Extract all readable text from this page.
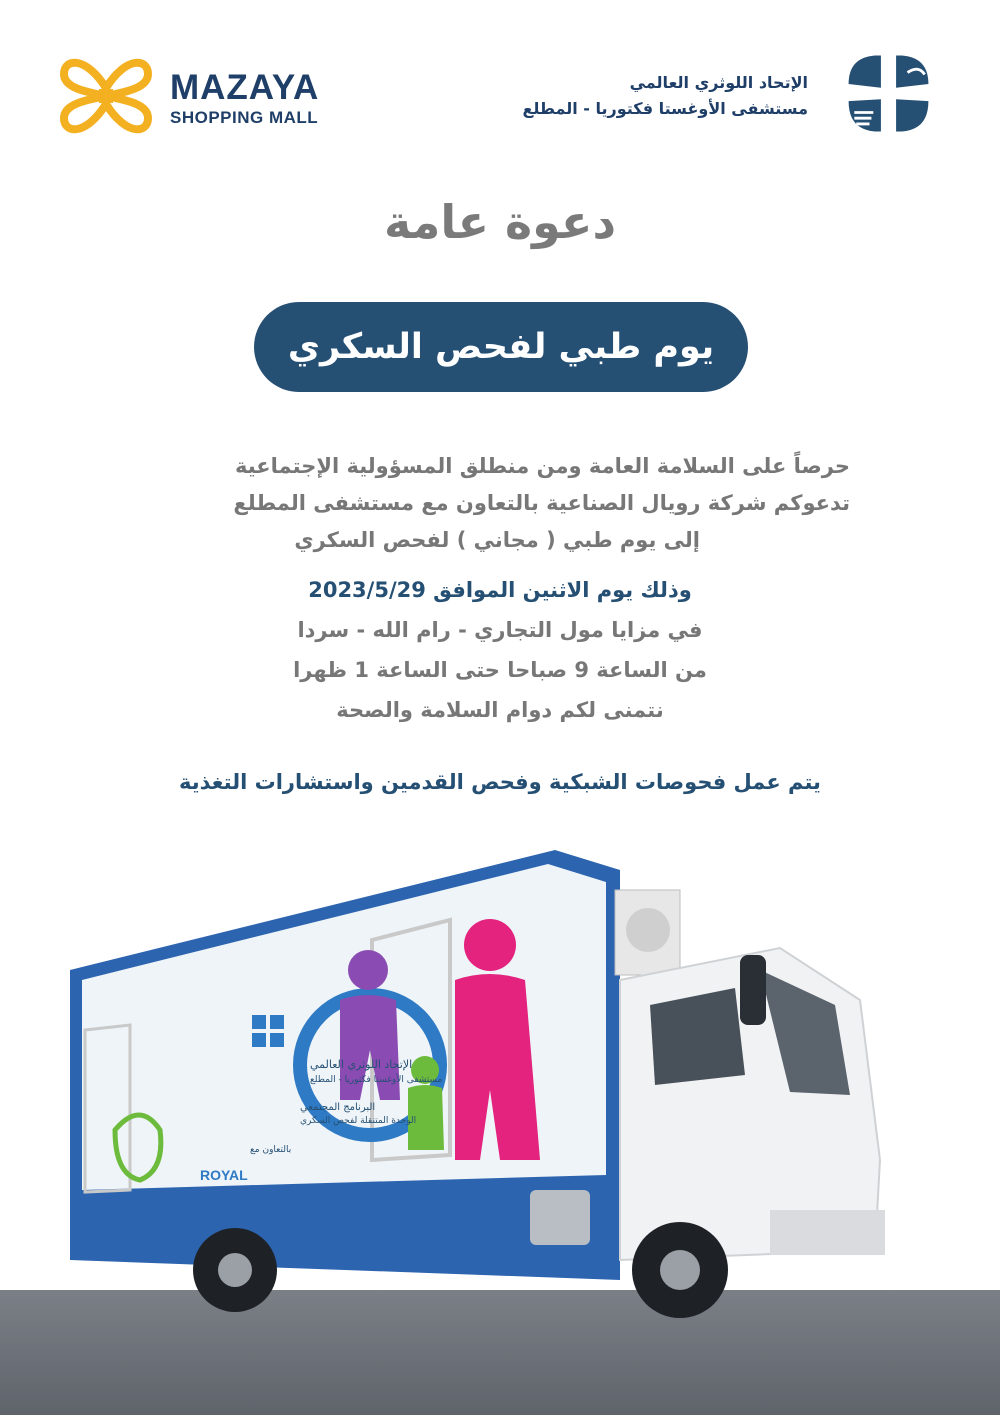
MAZAYA
SHOPPING MALL
الإتحاد اللوثري العالمي
مستشفى الأوغستا فكتوريا - المطلع
دعوة عامة
يوم طبي لفحص السكري
حرصاً على السلامة العامة ومن منطلق المسؤولية الإجتماعية
تدعوكم شركة رويال الصناعية بالتعاون مع مستشفى المطلع
إلى يوم طبي ( مجاني ) لفحص السكري
وذلك يوم الاثنين الموافق 2023/5/29
في مزايا مول التجاري - رام الله - سردا
من الساعة 9 صباحا حتى الساعة 1 ظهرا
نتمنى لكم دوام السلامة والصحة
يتم عمل فحوصات الشبكية وفحص القدمين واستشارات التغذية
الإتحاد اللوثري العالمي
مستشفى الأوغستا فكتوريا - المطلع
البرنامج المجتمعي
الوحدة المتنقلة لفحص السكري
بالتعاون مع
ROYAL
